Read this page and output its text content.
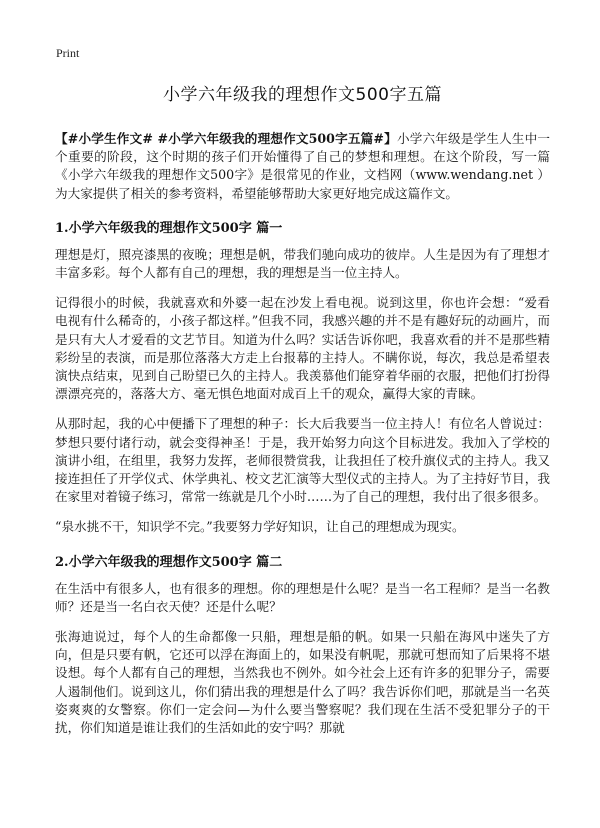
Print
小学六年级我的理想作文500字五篇

【#小学生作文# #小学六年级我的理想作文500字五篇#】小学六年级是学生人生中一个重要的阶段，这个时期的孩子们开始懂得了自己的梦想和理想。在这个阶段，写一篇《小学六年级我的理想作文500字》是很常见的作业，文档网（www.wendang.net ）为大家提供了相关的参考资料，希望能够帮助大家更好地完成这篇作文。

1.小学六年级我的理想作文500字 篇一

理想是灯，照亮漆黑的夜晚；理想是帆，带我们驰向成功的彼岸。人生是因为有了理想才丰富多彩。每个人都有自己的理想，我的理想是当一位主持人。

记得很小的时候，我就喜欢和外婆一起在沙发上看电视。说到这里，你也许会想：“爱看电视有什么稀奇的，小孩子都这样。”但我不同，我感兴趣的并不是有趣好玩的动画片，而是只有大人才爱看的文艺节目。知道为什么吗？实话告诉你吧，我喜欢看的并不是那些精彩纷呈的表演，而是那位落落大方走上台报幕的主持人。不瞒你说，每次，我总是希望表演快点结束，见到自己盼望已久的主持人。我羡慕他们能穿着华丽的衣服，把他们打扮得漂漂亮亮的，落落大方、毫无惧色地面对成百上千的观众，赢得大家的青睐。

从那时起，我的心中便播下了理想的种子：长大后我要当一位主持人！有位名人曾说过：梦想只要付诸行动，就会变得神圣！于是，我开始努力向这个目标进发。我加入了学校的演讲小组，在组里，我努力发挥，老师很赞赏我，让我担任了校升旗仪式的主持人。我又接连担任了开学仪式、休学典礼、校文艺汇演等大型仪式的主持人。为了主持好节目，我在家里对着镜子练习，常常一练就是几个小时……为了自己的理想，我付出了很多很多。

“泉水挑不干，知识学不完。”我要努力学好知识，让自己的理想成为现实。

2.小学六年级我的理想作文500字 篇二

在生活中有很多人，也有很多的理想。你的理想是什么呢？是当一名工程师？是当一名教师？还是当一名白衣天使？还是什么呢？

张海迪说过，每个人的生命都像一只船，理想是船的帆。如果一只船在海风中迷失了方向，但是只要有帆，它还可以浮在海面上的，如果没有帆呢，那就可想而知了后果将不堪设想。每个人都有自己的理想，当然我也不例外。如今社会上还有许多的犯罪分子，需要人遏制他们。说到这儿，你们猜出我的理想是什么了吗？我告诉你们吧，那就是当一名英姿爽爽的女警察。你们一定会问—为什么要当警察呢？我们现在生活不受犯罪分子的干扰，你们知道是谁让我们的生活如此的安宁吗？那就
